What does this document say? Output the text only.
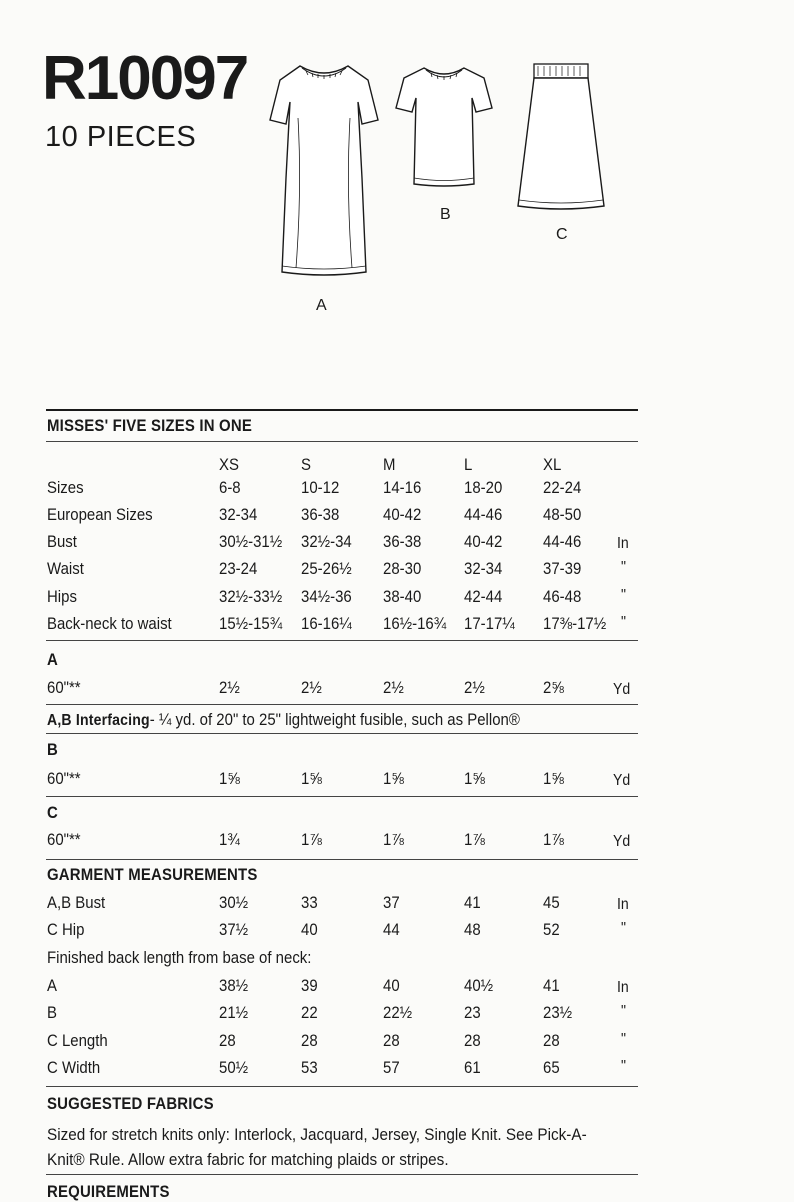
R10097
10 PIECES
A
B
C
MISSES' FIVE SIZES IN ONE
XS	S	M	L	XL
Sizes	6-8	10-12	14-16	18-20 22-24
European Sizes	32-34	36-38	40-42	44-46 48-50
Bust	30½-31½ 32½-34 36-38	40-42 44-46 In
Waist	23-24	25-26½ 28-30	32-34 37-39 "
Hips	32½-33½ 34½-36 38-40	42-44 46-48 "
Back-neck to waist	15½-15¾ 16-16¼ 16½-16¾ 17-17¼ 17⅜-17½ "
A
60"**	2½	2½	2½	2½	2⅝	Yd
A,B Interfacing- ¼ yd. of 20" to 25" lightweight fusible, such as Pellon®
B
60"**	1⅝	1⅝	1⅝	1⅝	1⅝	Yd
C
60"**	1¾	1⅞	1⅞	1⅞	1⅞	Yd
GARMENT MEASUREMENTS
A,B Bust	30½	33	37	41	45	In
C Hip	37½	40	44	48	52	"
Finished back length from base of neck:
A	38½	39	40	40½	41	In
B	21½	22	22½	23	23½	"
C Length	28	28	28	28	28	"
C Width	50½	53	57	61	65	"
SUGGESTED FABRICS
Sized for stretch knits only: Interlock, Jacquard, Jersey, Single Knit. See Pick-A-
Knit® Rule. Allow extra fabric for matching plaids or stripes.
REQUIREMENTS
